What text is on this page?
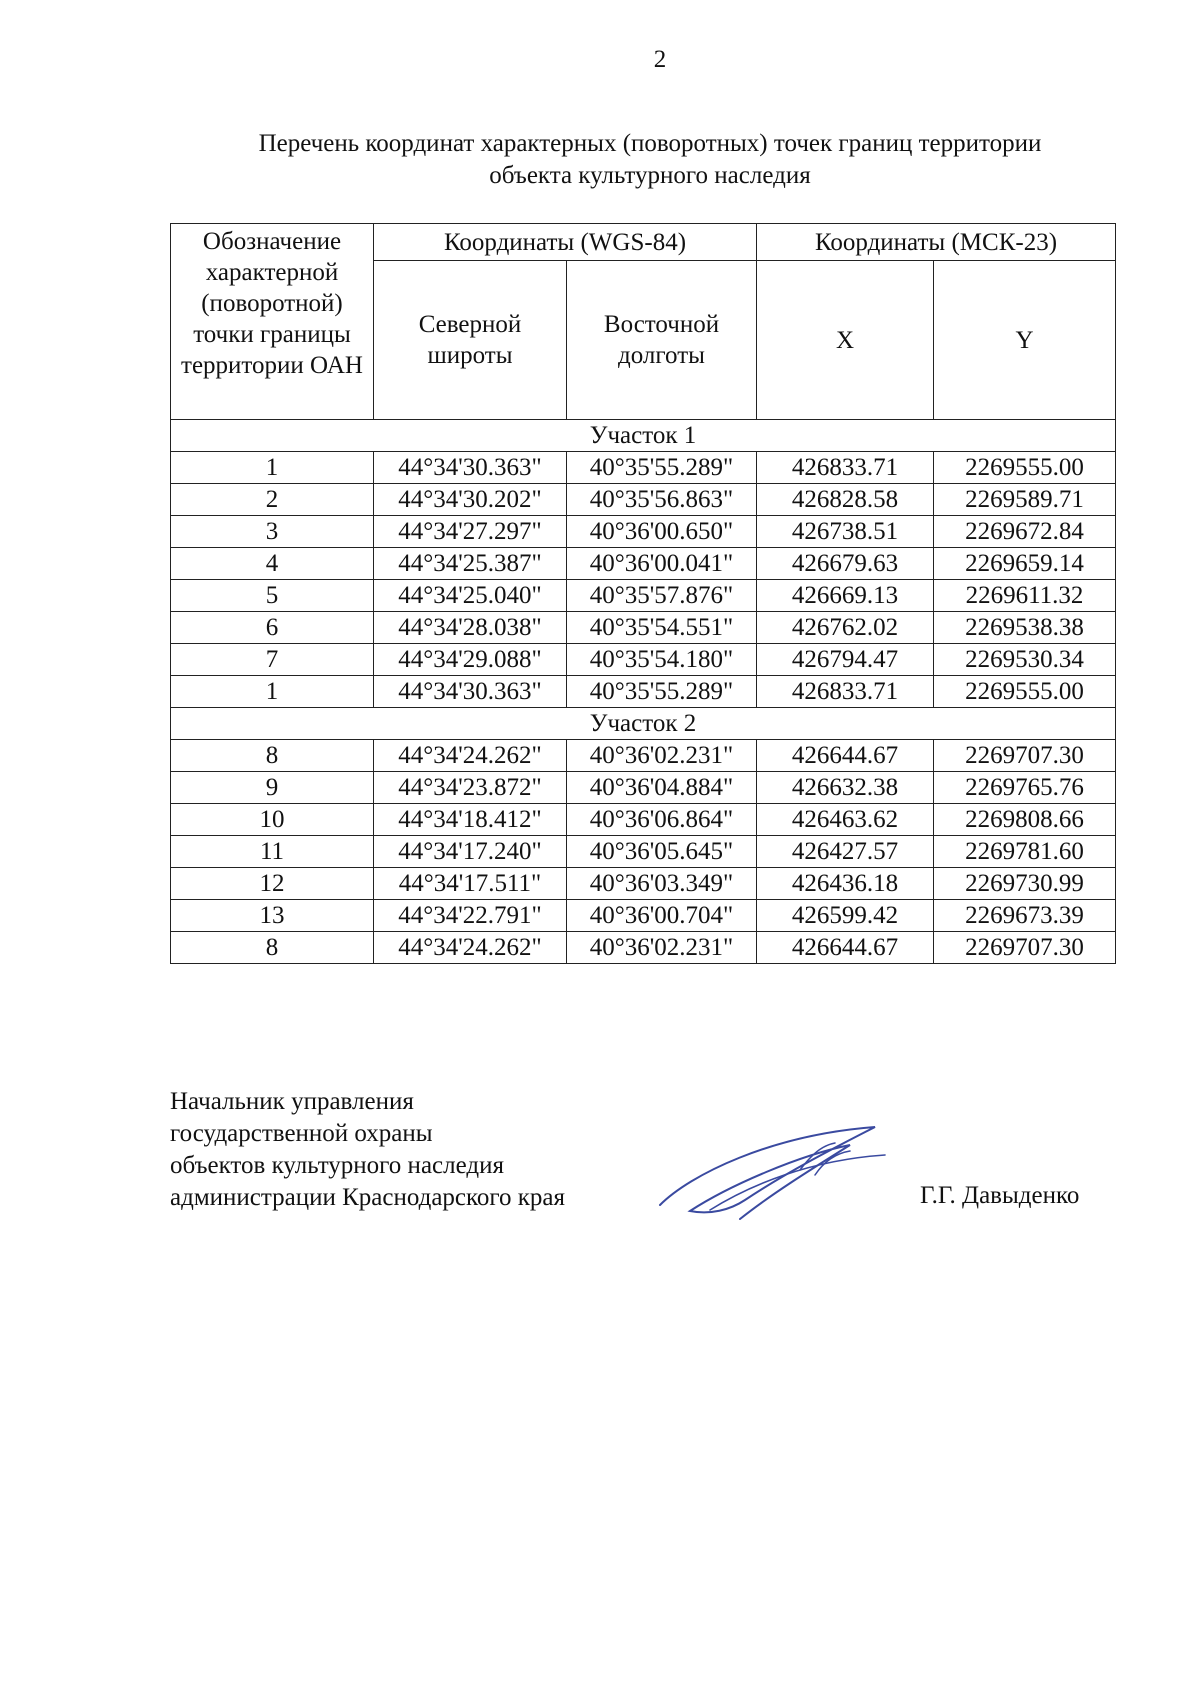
2
Перечень координат характерных (поворотных) точек границ территории
объекта культурного наследия
Обозначение характерной (поворотной) точки границы территории ОАН	Координаты (WGS-84)		Координаты (МСК-23)	
	Северной широты	Восточной долготы	X	Y
Участок 1				
1	44°34'30.363"	40°35'55.289"	426833.71	2269555.00
2	44°34'30.202"	40°35'56.863"	426828.58	2269589.71
3	44°34'27.297"	40°36'00.650"	426738.51	2269672.84
4	44°34'25.387"	40°36'00.041"	426679.63	2269659.14
5	44°34'25.040"	40°35'57.876"	426669.13	2269611.32
6	44°34'28.038"	40°35'54.551"	426762.02	2269538.38
7	44°34'29.088"	40°35'54.180"	426794.47	2269530.34
1	44°34'30.363"	40°35'55.289"	426833.71	2269555.00
Участок 2				
8	44°34'24.262"	40°36'02.231"	426644.67	2269707.30
9	44°34'23.872"	40°36'04.884"	426632.38	2269765.76
10	44°34'18.412"	40°36'06.864"	426463.62	2269808.66
11	44°34'17.240"	40°36'05.645"	426427.57	2269781.60
12	44°34'17.511"	40°36'03.349"	426436.18	2269730.99
13	44°34'22.791"	40°36'00.704"	426599.42	2269673.39
8	44°34'24.262"	40°36'02.231"	426644.67	2269707.30
Начальник управления
государственной охраны
объектов культурного наследия
администрации Краснодарского края	Г.Г. Давыденко
